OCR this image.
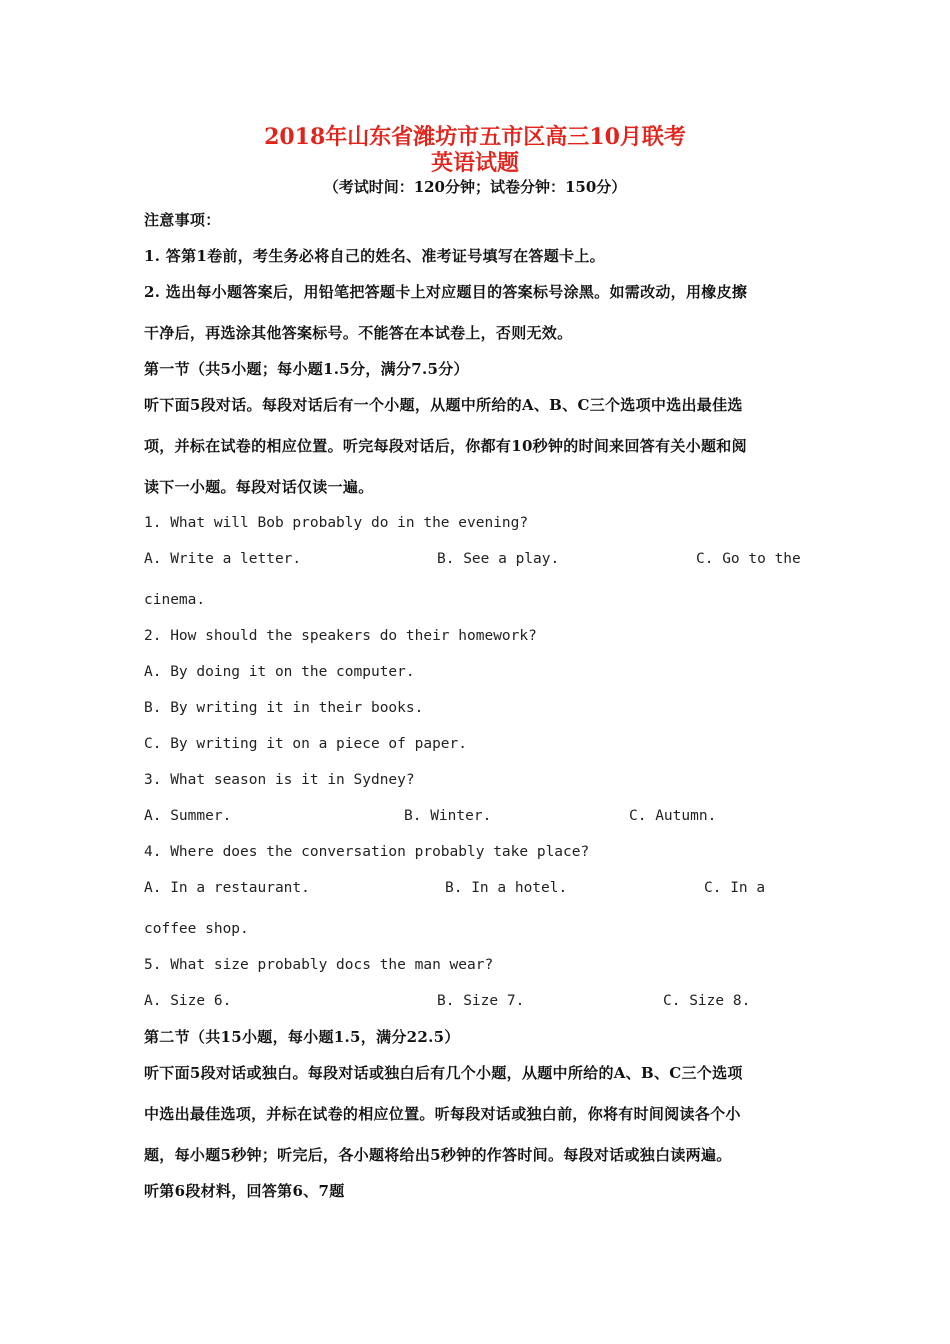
2018年山东省潍坊市五市区高三10月联考
英语试题
（考试时间：120分钟；试卷分钟：150分）
注意事项：
1. 答第1卷前，考生务必将自己的姓名、准考证号填写在答题卡上。
2. 选出每小题答案后，用铅笔把答题卡上对应题目的答案标号涂黑。如需改动，用橡皮擦
干净后，再选涂其他答案标号。不能答在本试卷上，否则无效。
第一节（共5小题；每小题1.5分，满分7.5分）
听下面5段对话。每段对话后有一个小题，从题中所给的A、B、C三个选项中选出最佳选
项，并标在试卷的相应位置。听完每段对话后，你都有10秒钟的时间来回答有关小题和阅
读下一小题。每段对话仅读一遍。
1. What will Bob probably do in the evening?
A. Write a letter.	B. See a play.	C. Go to the
cinema.
2. How should the speakers do their homework?
A. By doing it on the computer.
B. By writing it in their books.
C. By writing it on a piece of paper.
3. What season is it in Sydney?
A. Summer.	B. Winter.	C. Autumn.
4. Where does the conversation probably take place?
A. In a restaurant.	B. In a hotel.	C. In a
coffee shop.
5. What size probably docs the man wear?
A. Size 6.	B. Size 7.	C. Size 8.
第二节（共15小题，每小题1.5，满分22.5）
听下面5段对话或独白。每段对话或独白后有几个小题，从题中所给的A、B、C三个选项
中选出最佳选项，并标在试卷的相应位置。听每段对话或独白前，你将有时间阅读各个小
题，每小题5秒钟；听完后，各小题将给出5秒钟的作答时间。每段对话或独白读两遍。
听第6段材料，回答第6、7题
